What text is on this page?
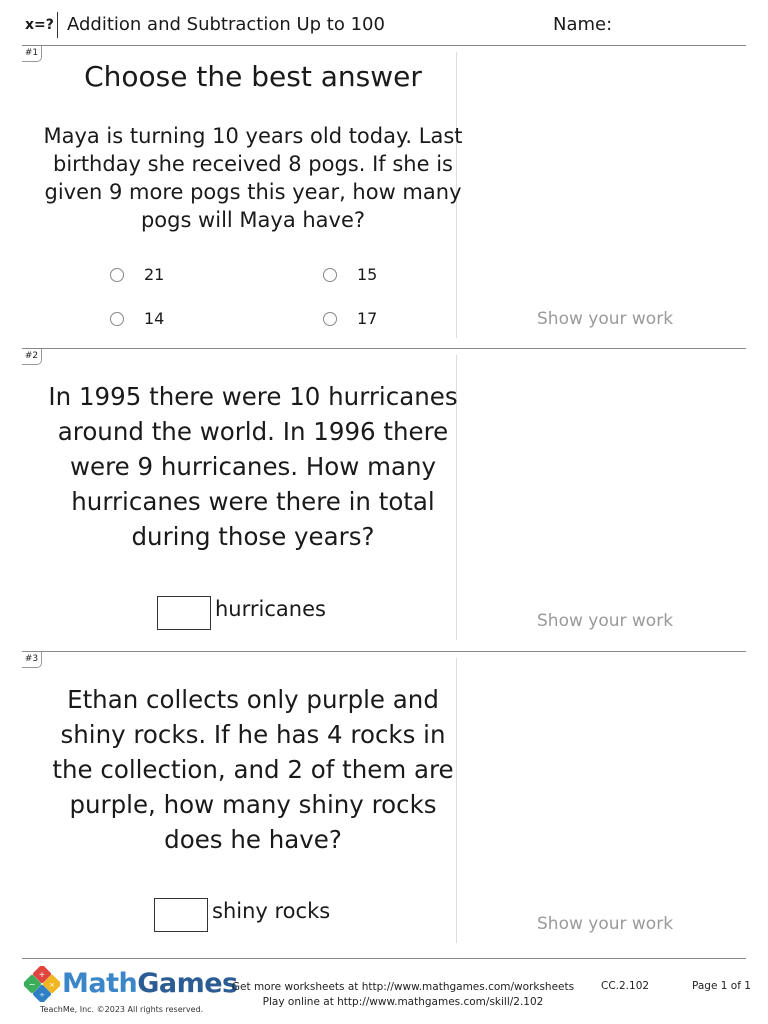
x=? Addition and Subtraction Up to 100	Name:
#1
Choose the best answer
Maya is turning 10 years old today. Last
birthday she received 8 pogs. If she is
given 9 more pogs this year, how many
pogs will Maya have?
21	15
14	17	Show your work
#2
In 1995 there were 10 hurricanes
around the world. In 1996 there
were 9 hurricanes. How many
hurricanes were there in total
during those years?
hurricanes	Show your work
#3
Ethan collects only purple and
shiny rocks. If he has 4 rocks in
the collection, and 2 of them are
purple, how many shiny rocks
does he have?
shiny rocks
Show your work
+
− ×
÷ MathGames
TeachMe, Inc. ©2023 All rights reserved.
Get more worksheets at http://www.mathgames.com/worksheets
Play online at http://www.mathgames.com/skill/2.102
CC.2.102	Page 1 of 1
